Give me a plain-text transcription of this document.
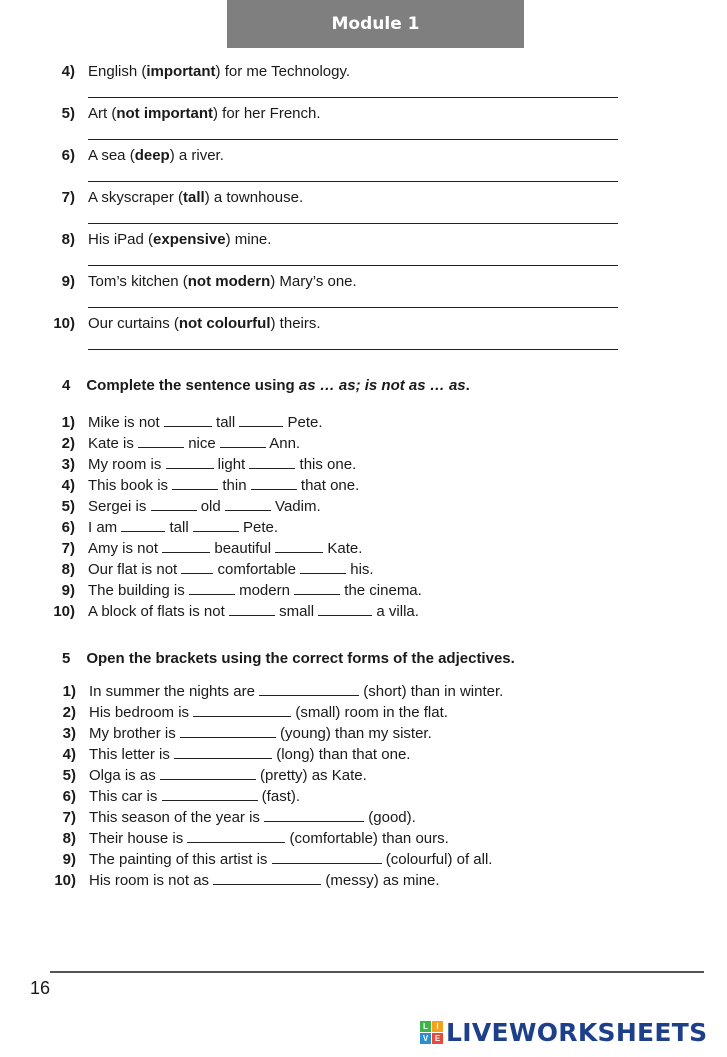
Module 1
4) English (important) for me Technology.
5) Art (not important) for her French.
6) A sea (deep) a river.
7) A skyscraper (tall) a townhouse.
8) His iPad (expensive) mine.
9) Tom’s kitchen (not modern) Mary’s one.
10) Our curtains (not colourful) theirs.
4 Complete the sentence using as … as; is not as … as.
1) Mike is not	tall	Pete.
2) Kate is	nice	Ann.
3) My room is	light	this one.
4) This book is	thin	that one.
5) Sergei is	old	Vadim.
6) I am	tall	Pete.
7) Amy is not	beautiful	Kate.
8) Our flat is not  comfortable	his.
9) The building is	modern	the cinema.
10) A block of flats is not	small	a villa.
5 Open the brackets using the correct forms of the adjectives.
1) In summer the nights are	(short) than in winter.
2) His bedroom is	(small) room in the flat.
3) My brother is	(young) than my sister.
4) This letter is	(long) than that one.
5) Olga is as	(pretty) as Kate.
6) This car is	(fast).
7) This season of the year is	(good).
8) Their house is	(comfortable) than ours.
9) The painting of this artist is	(colourful) of all.
10) His room is not as	(messy) as mine.
16
L	I
V E LIVEWORKSHEETS
